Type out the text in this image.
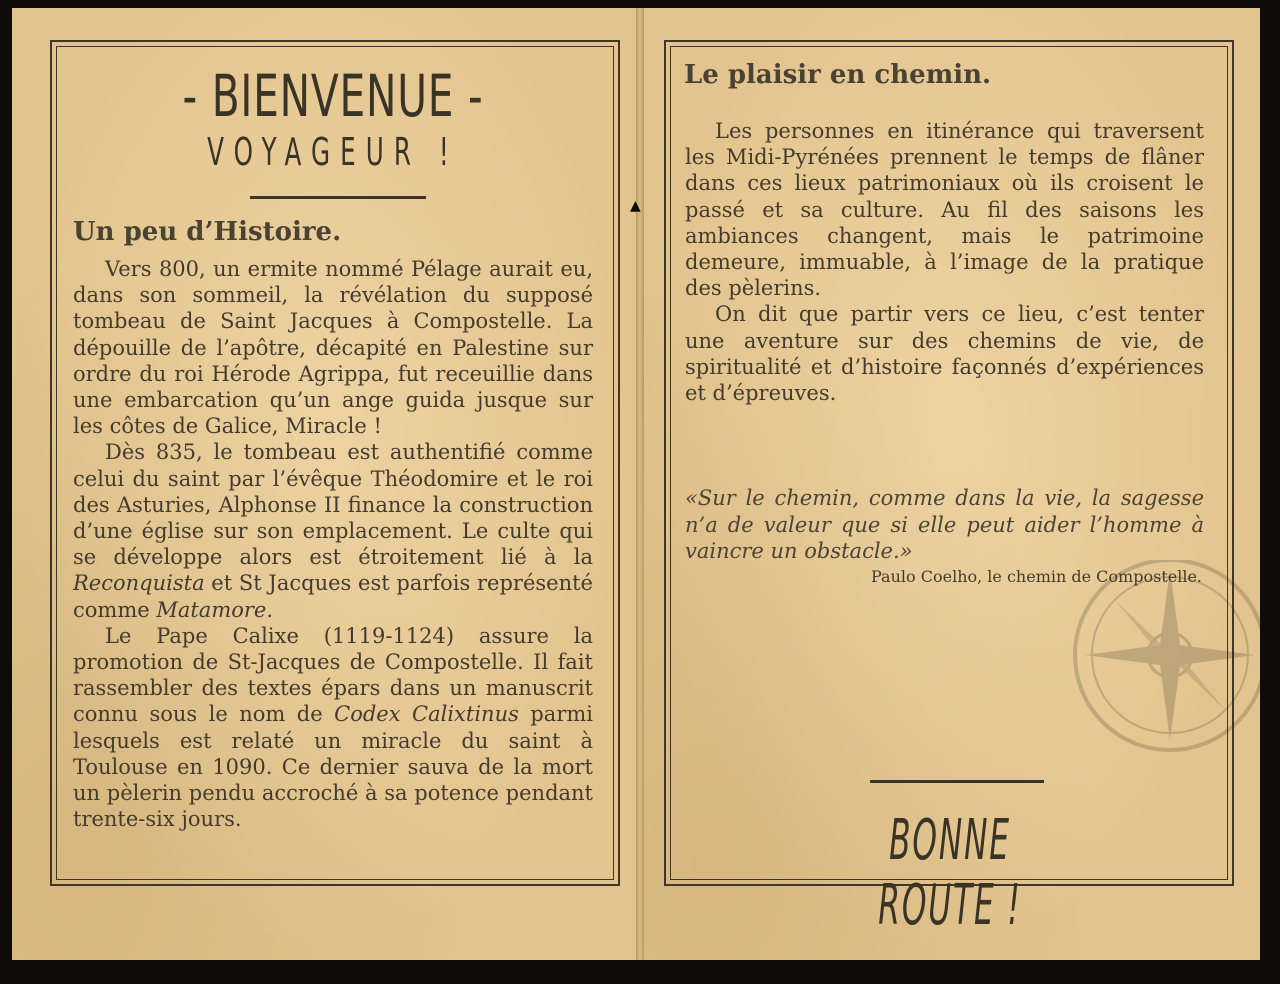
- BIENVENUE -
VOYAGEUR !
Un peu d’Histoire.

Vers 800, un ermite nommé Pélage aurait eu, dans son sommeil, la révélation du supposé tombeau de Saint Jacques à Compostelle. La dépouille de l’apôtre, décapité en Palestine sur ordre du roi Hérode Agrippa, fut receuillie dans une embarcation qu’un ange guida jusque sur les côtes de Galice, Miracle !

Dès 835, le tombeau est authentifié comme celui du saint par l’évêque Théodomire et le roi des Asturies, Alphonse II finance la construction d’une église sur son emplacement. Le culte qui se développe alors est étroitement lié à la Reconquista et St Jacques est parfois représenté comme Matamore.

Le Pape Calixe (1119-1124) assure la promotion de St-Jacques de Compostelle. Il fait rassembler des textes épars dans un manuscrit connu sous le nom de Codex Calixtinus parmi lesquels est relaté un miracle du saint à Toulouse en 1090. Ce dernier sauva de la mort un pèlerin pendu accroché à sa potence pendant trente-six jours.

Le plaisir en chemin.

Les personnes en itinérance qui traversent les Midi-Pyrénées prennent le temps de flâner dans ces lieux patrimoniaux où ils croisent le passé et sa culture. Au fil des saisons les ambiances changent, mais le patrimoine demeure, immuable, à l’image de la pratique des pèlerins.

On dit que partir vers ce lieu, c’est tenter une aventure sur des chemins de vie, de spiritualité et d’histoire façonnés d’expériences et d’épreuves.

«Sur le chemin, comme dans la vie, la sagesse n’a de valeur que si elle peut aider l’homme à vaincre un obstacle.»

Paulo Coelho, le chemin de Compostelle.
BONNE ROUTE !
▲
